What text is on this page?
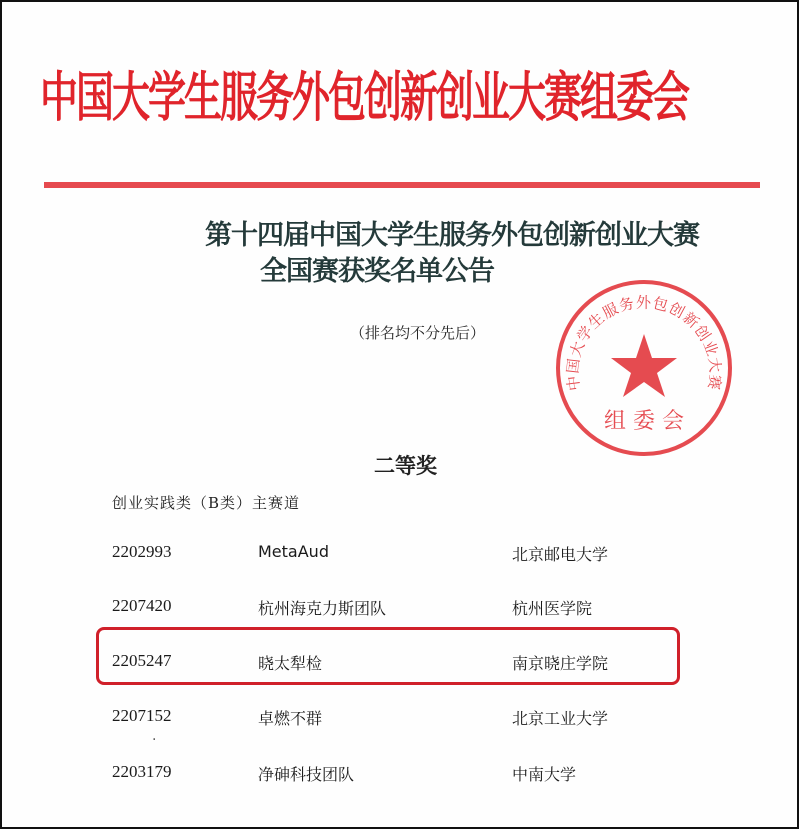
中国大学生服务外包创新创业大赛组委会
第十四届中国大学生服务外包创新创业大赛
全国赛获奖名单公告
（排名均不分先后）
中国大学生服务外包创新创业大赛
组 委 会
二等奖
创业实践类（B类）主赛道
2202993	MetaAud	北京邮电大学
2207420	杭州海克力斯团队	杭州医学院
2205247	晓太犁检	南京晓庄学院
2207152	卓燃不群	北京工业大学
2203179	净砷科技团队	中南大学
·
